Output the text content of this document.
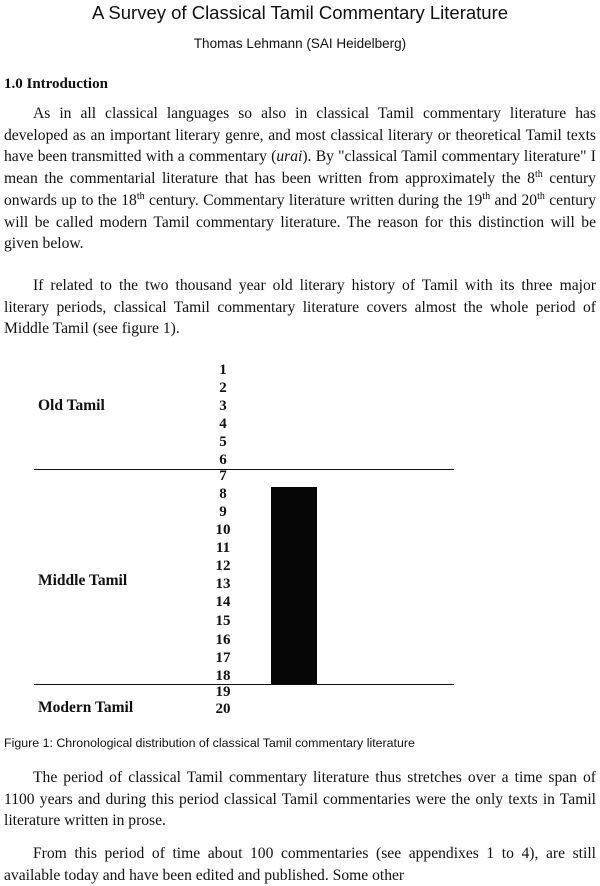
A Survey of Classical Tamil Commentary Literature
Thomas Lehmann (SAI Heidelberg)
1.0 Introduction

As in all classical languages so also in classical Tamil commentary literature has developed as an important literary genre, and most classical literary or theoretical Tamil texts have been transmitted with a commentary (urai). By "classical Tamil commentary literature" I mean the commentarial literature that has been written from approximately the 8th century onwards up to the 18th century. Commentary literature written during the 19th and 20th century will be called modern Tamil commentary literature. The reason for this distinction will be given below.

If related to the two thousand year old literary history of Tamil with its three major literary periods, classical Tamil commentary literature covers almost the whole period of Middle Tamil (see figure 1).

Old Tamil
Middle Tamil
Modern Tamil
1
2
3
4
5
6
7
8
9
10
11
12
13
14
15
16
17
18
19
20
Figure 1: Chronological distribution of classical Tamil commentary literature

The period of classical Tamil commentary literature thus stretches over a time span of 1100 years and during this period classical Tamil commentaries were the only texts in Tamil literature written in prose.

From this period of time about 100 commentaries (see appendixes 1 to 4), are still available today and have been edited and published. Some other
